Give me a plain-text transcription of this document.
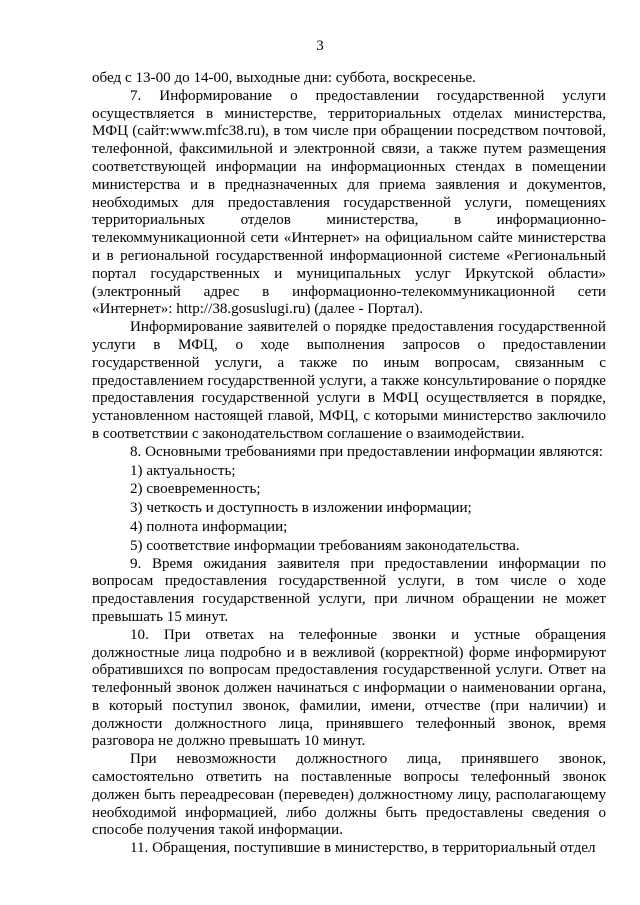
3

обед с 13-00 до 14-00, выходные дни: суббота, воскресенье.

7. Информирование о предоставлении государственной услуги осуществляется в министерстве, территориальных отделах министерства, МФЦ (сайт:www.mfc38.ru), в том числе при обращении посредством почтовой, телефонной, факсимильной и электронной связи, а также путем размещения соответствующей информации на информационных стендах в помещении министерства и в предназначенных для приема заявления и документов, необходимых для предоставления государственной услуги, помещениях территориальных отделов министерства, в информационно-телекоммуникационной сети «Интернет» на официальном сайте министерства и в региональной государственной информационной системе «Региональный портал государственных и муниципальных услуг Иркутской области» (электронный адрес в информационно-телекоммуникационной сети «Интернет»: http://38.gosuslugi.ru) (далее - Портал).

Информирование заявителей о порядке предоставления государственной услуги в МФЦ, о ходе выполнения запросов о предоставлении государственной услуги, а также по иным вопросам, связанным с предоставлением государственной услуги, а также консультирование о порядке предоставления государственной услуги в МФЦ осуществляется в порядке, установленном настоящей главой, МФЦ, с которыми министерство заключило в соответствии с законодательством соглашение о взаимодействии.

8. Основными требованиями при предоставлении информации являются:

1) актуальность;

2) своевременность;

3) четкость и доступность в изложении информации;

4) полнота информации;

5) соответствие информации требованиям законодательства.

9. Время ожидания заявителя при предоставлении информации по вопросам предоставления государственной услуги, в том числе о ходе предоставления государственной услуги, при личном обращении не может превышать 15 минут.

10. При ответах на телефонные звонки и устные обращения должностные лица подробно и в вежливой (корректной) форме информируют обратившихся по вопросам предоставления государственной услуги. Ответ на телефонный звонок должен начинаться с информации о наименовании органа, в который поступил звонок, фамилии, имени, отчестве (при наличии) и должности должностного лица, принявшего телефонный звонок, время разговора не должно превышать 10 минут.

При невозможности должностного лица, принявшего звонок, самостоятельно ответить на поставленные вопросы телефонный звонок должен быть переадресован (переведен) должностному лицу, располагающему необходимой информацией, либо должны быть предоставлены сведения о способе получения такой информации.

11. Обращения, поступившие в министерство, в территориальный отдел
